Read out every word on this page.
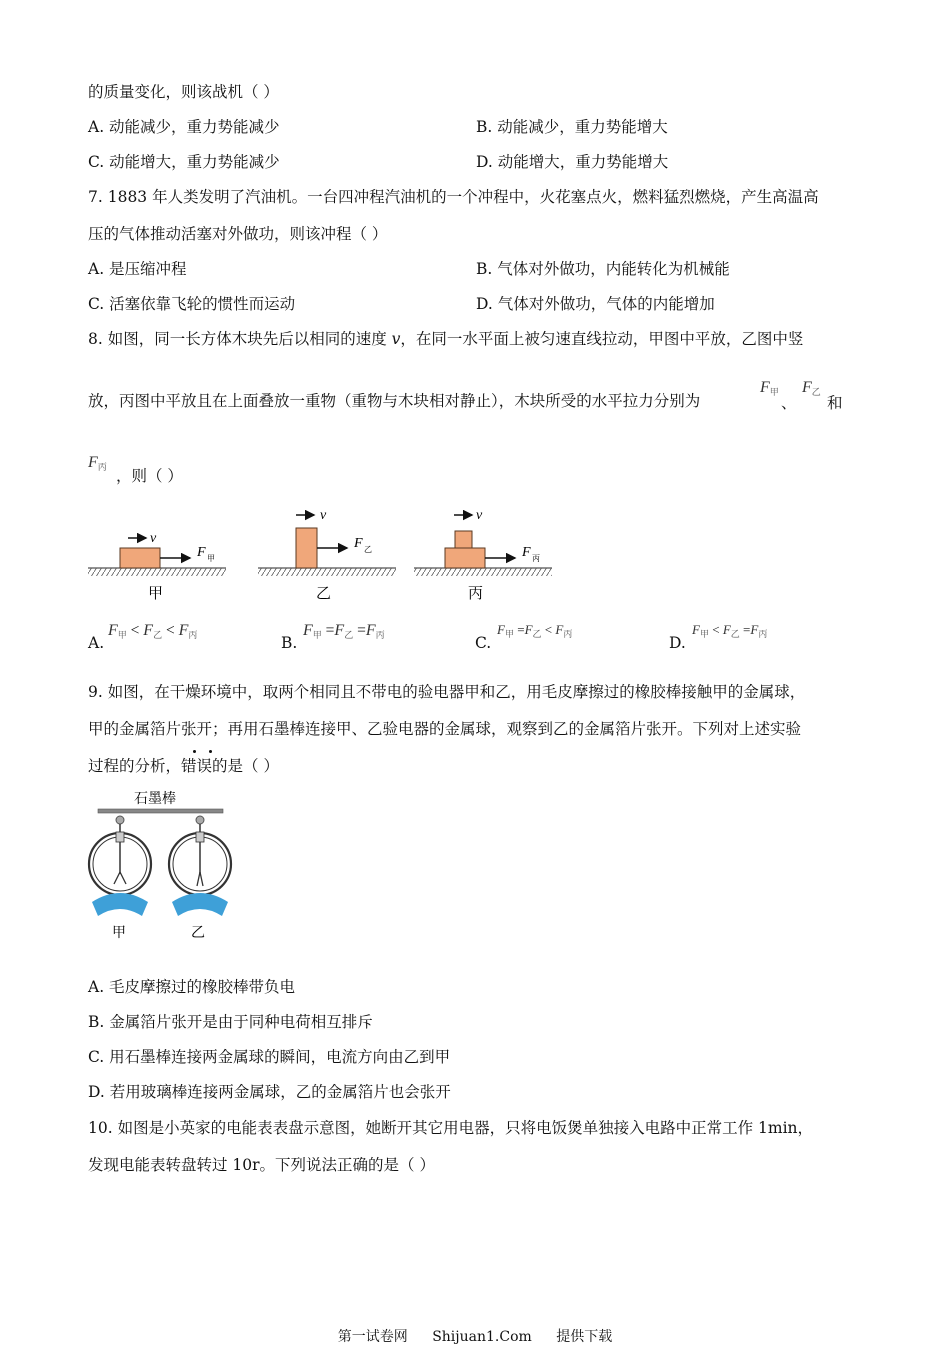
的质量变化，则该战机（ ）
A. 动能减少，重力势能减少	B. 动能减少，重力势能增大
C. 动能增大，重力势能减少	D. 动能增大，重力势能增大
7. 1883 年人类发明了汽油机。一台四冲程汽油机的一个冲程中，火花塞点火，燃料猛烈燃烧，产生高温高
压的气体推动活塞对外做功，则该冲程（ ）
A. 是压缩冲程	B. 气体对外做功，内能转化为机械能
C. 活塞依靠飞轮的惯性而运动	D. 气体对外做功，气体的内能增加
8. 如图，同一长方体木块先后以相同的速度 v，在同一水平面上被匀速直线拉动，甲图中平放，乙图中竖
放，丙图中平放且在上面叠放一重物（重物与木块相对静止），木块所受的水平拉力分别为
$F_甲$
、
$F_乙$
和
$F_丙$ ，则（ ）
v
F 甲
甲
v
F 乙
乙
v
F 丙
丙
A.
$F_甲 < F_乙 < F_丙$	B.
$F_甲 =F_乙 =F_丙$	C.
$F_甲 =F_乙 < F_丙$	D.
$F_甲 < F_乙 =F_丙$
9. 如图，在干燥环境中，取两个相同且不带电的验电器甲和乙，用毛皮摩擦过的橡胶棒接触甲的金属球，
甲的金属箔片张开；再用石墨棒连接甲、乙验电器的金属球，观察到乙的金属箔片张开。下列对上述实验
过程的分析，错误的是（ ）
石墨棒
甲	乙
A. 毛皮摩擦过的橡胶棒带负电
B. 金属箔片张开是由于同种电荷相互排斥
C. 用石墨棒连接两金属球的瞬间，电流方向由乙到甲
D. 若用玻璃棒连接两金属球，乙的金属箔片也会张开
10. 如图是小英家的电能表表盘示意图，她断开其它用电器，只将电饭煲单独接入电路中正常工作 1min，
发现电能表转盘转过 10r。下列说法正确的是（ ）
第一试卷网 Shijuan1.Com 提供下载
